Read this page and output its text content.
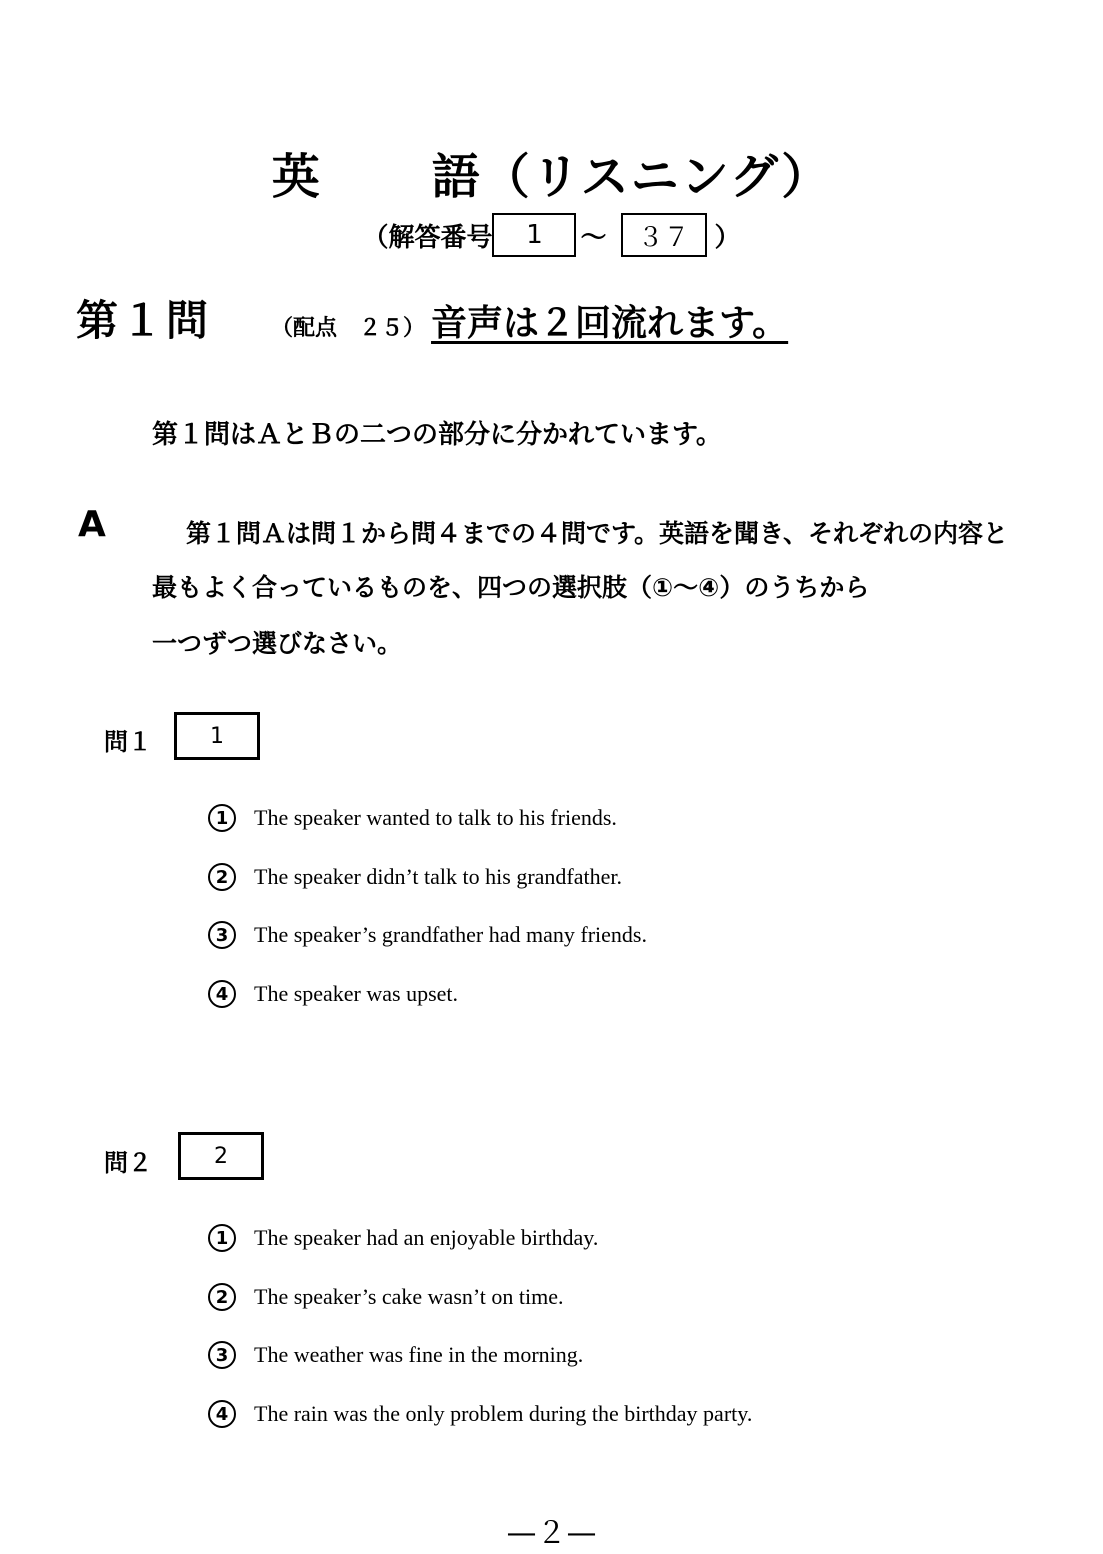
英 語（リスニング）
（解答番号	1	～	３７ ）
第１問	（配点　２５） 音声は２回流れます。
第１問はＡとＢの二つの部分に分かれています。
A	第１問Ａは問１から問４までの４問です。英語を聞き、それぞれの内容と
最もよく合っているものを、四つの選択肢（①～④）のうちから
一つずつ選びなさい。
問１	1
1	The speaker wanted to talk to his friends.
2	The speaker didn’t talk to his grandfather.
3	The speaker’s grandfather had many friends.
4	The speaker was upset.
問２	2
1	The speaker had an enjoyable birthday.
2	The speaker’s cake wasn’t on time.
3	The weather was fine in the morning.
4	The rain was the only problem during the birthday party.
—２—
